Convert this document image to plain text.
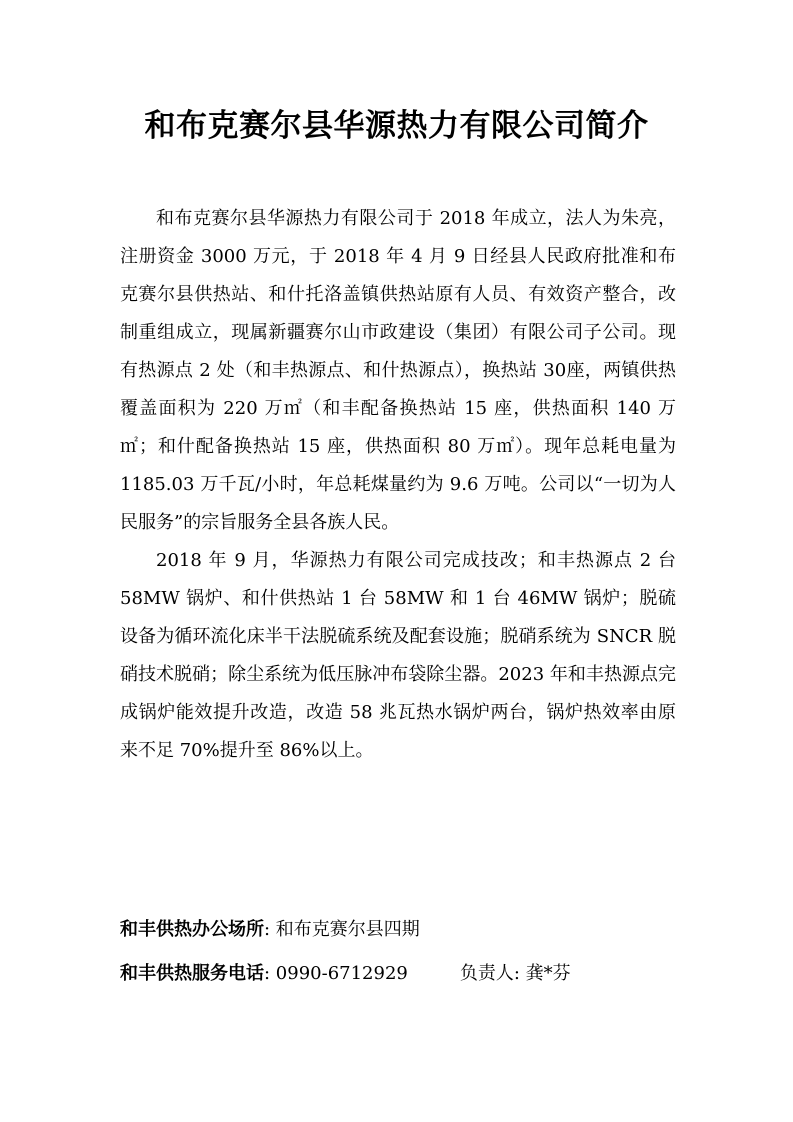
和布克赛尔县华源热力有限公司简介

和布克赛尔县华源热力有限公司于 2018 年成立，法人为朱亮，注册资金 3000 万元，于 2018 年 4 月 9 日经县人民政府批准和布克赛尔县供热站、和什托洛盖镇供热站原有人员、有效资产整合，改制重组成立，现属新疆赛尔山市政建设（集团）有限公司子公司。现有热源点 2 处（和丰热源点、和什热源点），换热站 30座，两镇供热覆盖面积为 220 万㎡（和丰配备换热站 15 座，供热面积 140 万㎡；和什配备换热站 15 座，供热面积 80 万㎡）。现年总耗电量为 1185.03 万千瓦/小时，年总耗煤量约为 9.6 万吨。公司以“一切为人民服务”的宗旨服务全县各族人民。

2018 年 9 月，华源热力有限公司完成技改；和丰热源点 2 台 58MW 锅炉、和什供热站 1 台 58MW 和 1 台 46MW 锅炉；脱硫设备为循环流化床半干法脱硫系统及配套设施；脱硝系统为 SNCR 脱硝技术脱硝；除尘系统为低压脉冲布袋除尘器。2023 年和丰热源点完成锅炉能效提升改造，改造 58 兆瓦热水锅炉两台，锅炉热效率由原来不足 70%提升至 86%以上。

和丰供热办公场所: 和布克赛尔县四期
和丰供热服务电话: 0990-6712929	负责人: 龚*芬
